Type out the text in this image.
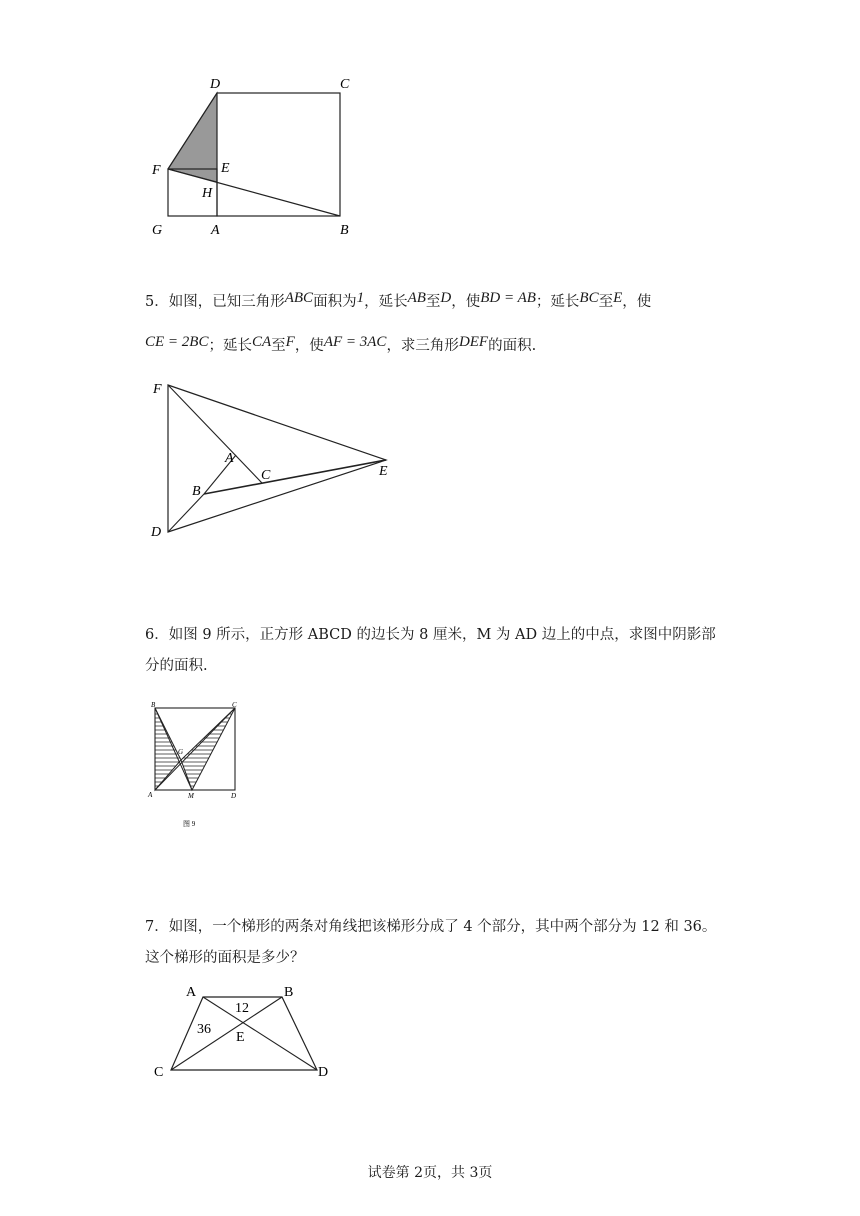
D	C
F	E
H
G	A	B
5．如图，已知三角形ABC面积为1，延长AB至D，使BD = AB；延长BC至E，使
CE = 2BC；延长CA至F，使AF = 3AC，求三角形DEF的面积.
F
A
C
B
E
D
6．如图 9 所示，正方形 ABCD 的边长为 8 厘米，M 为 AD 边上的中点，求图中阴影部
分的面积.
B	C
G
A	M	D
图 9
7．如图，一个梯形的两条对角线把该梯形分成了 4 个部分，其中两个部分为 12 和 36。
这个梯形的面积是多少？
A	B
C	D
E
12
36
试卷第 2页，共 3页
